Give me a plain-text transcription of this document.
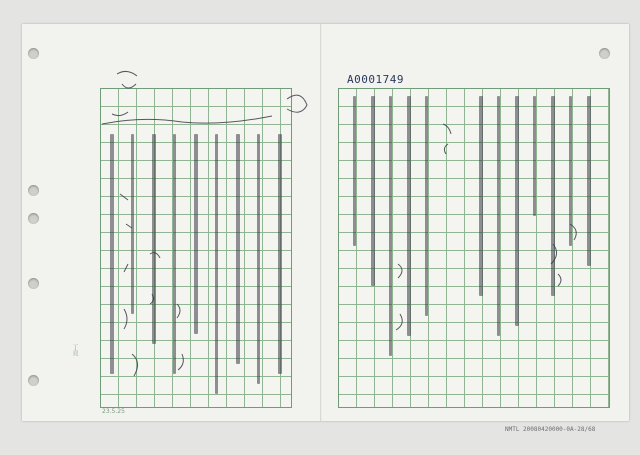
A0001749
23.5.25
丁頁
NMTL 20080420000-0A-28/68
